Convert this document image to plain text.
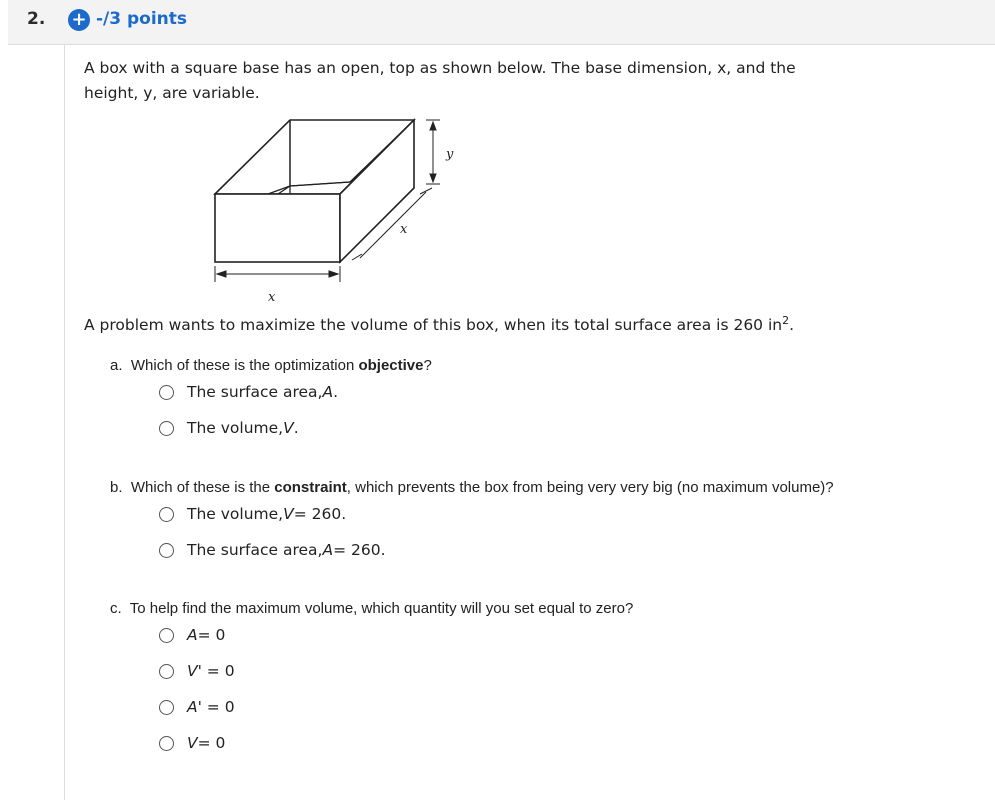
2. + -/3 points
A box with a square base has an open, top as shown below. The base dimension, x, and the
height, y, are variable.
y
x
x
A problem wants to maximize the volume of this box, when its total surface area is 260 $in^2$.
a. Which of these is the optimization objective?
The surface area, A .
The volume, V .
b. Which of these is the constraint, which prevents the box from being very very big (no maximum volume)?
The volume, V = 260.
The surface area, A = 260.
c. To help find the maximum volume, which quantity will you set equal to zero?
A = 0
V ' = 0
A ' = 0
V = 0
